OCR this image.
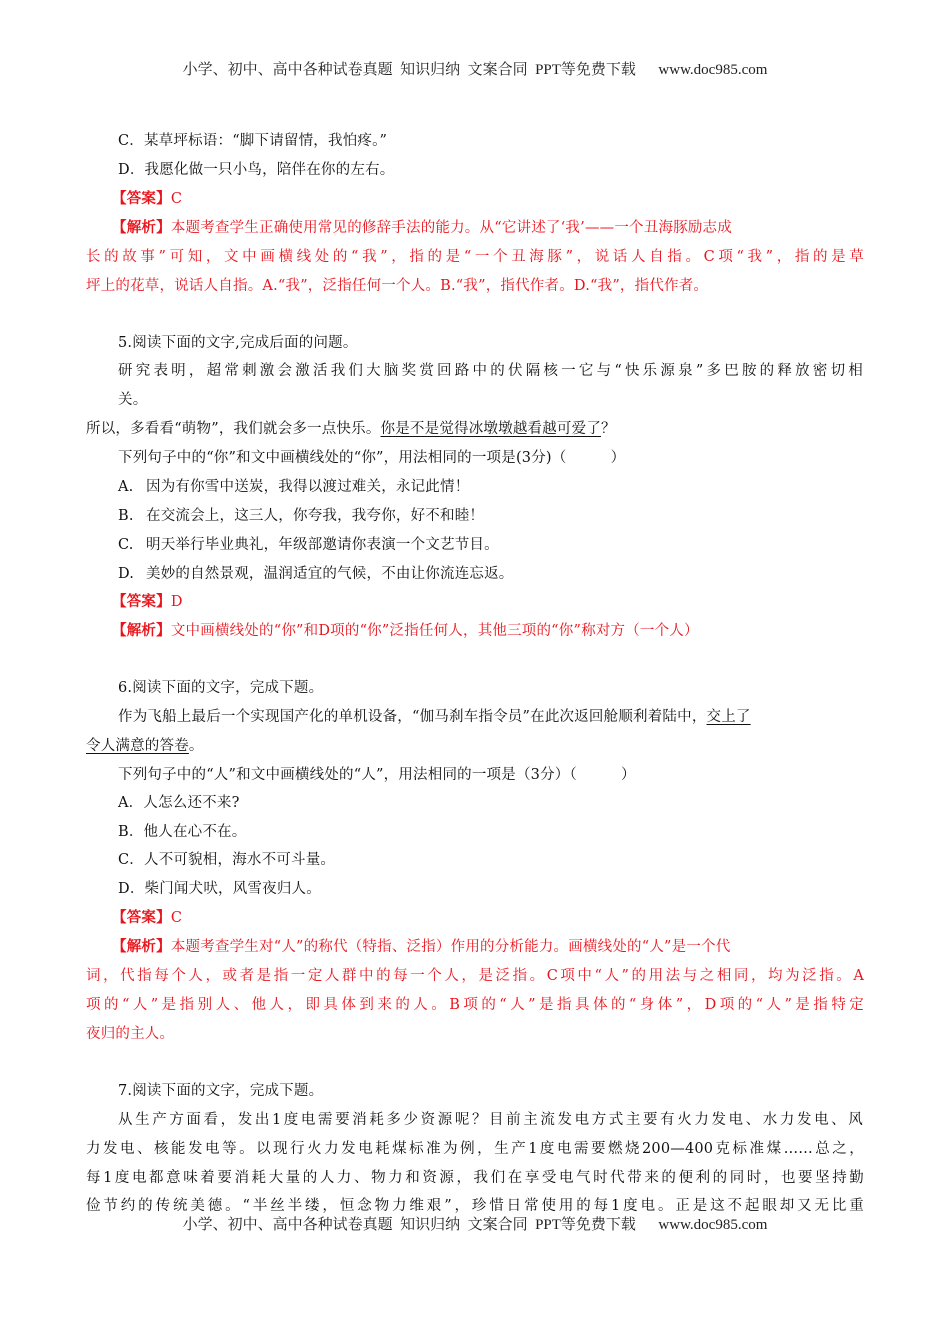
小学、初中、高中各种试卷真题  知识归纳  文案合同  PPT等免费下载      www.doc985.com
C．某草坪标语：“脚下请留情，我怕疼。”
D．我愿化做一只小鸟，陪伴在你的左右。
【答案】C
【解析】本题考查学生正确使用常见的修辞手法的能力。从“它讲述了‘我’——一个丑海豚励志成
长的故事”可知，文中画横线处的“我”，指的是“一个丑海豚”，说话人自指。C项“我”，指的是草
坪上的花草，说话人自指。A.“我”，泛指任何一个人。B.“我”，指代作者。D.“我”，指代作者。
5.阅读下面的文字,完成后面的问题。
研究表明，超常刺激会激活我们大脑奖赏回路中的伏隔核一它与“快乐源泉”多巴胺的释放密切相
关。
所以，多看看“萌物”，我们就会多一点快乐。你是不是觉得冰墩墩越看越可爱了？
下列句子中的“你”和文中画横线处的“你”，用法相同的一项是(3分)（　　　）
A. 因为有你雪中送炭，我得以渡过难关，永记此情！
B. 在交流会上，这三人，你夸我，我夸你，好不和睦！
C. 明天举行毕业典礼，年级部邀请你表演一个文艺节目。
D. 美妙的自然景观，温润适宜的气候，不由让你流连忘返。
【答案】D
【解析】文中画横线处的“你”和D项的“你”泛指任何人，其他三项的“你”称对方（一个人）
6.阅读下面的文字，完成下题。
作为飞船上最后一个实现国产化的单机设备，“伽马刹车指令员”在此次返回舱顺利着陆中，交上了
令人满意的答卷。
下列句子中的“人”和文中画横线处的“人”，用法相同的一项是（3分）（　　　）
A．人怎么还不来?
B．他人在心不在。
C．人不可貌相，海水不可斗量。
D．柴门闻犬吠，风雪夜归人。
【答案】C
【解析】本题考查学生对“人”的称代（特指、泛指）作用的分析能力。画横线处的“人”是一个代
词，代指每个人，或者是指一定人群中的每一个人，是泛指。C项中“人”的用法与之相同，均为泛指。A
项的“人”是指别人、他人，即具体到来的人。B项的“人”是指具体的“身体”，D项的“人”是指特定
夜归的主人。
7.阅读下面的文字，完成下题。
从生产方面看，发出1度电需要消耗多少资源呢？目前主流发电方式主要有火力发电、水力发电、风
力发电、核能发电等。以现行火力发电耗煤标准为例，生产1度电需要燃烧200—400克标准煤……总之，
每1度电都意味着要消耗大量的人力、物力和资源，我们在享受电气时代带来的便利的同时，也要坚持勤
俭节约的传统美德。“半丝半缕，恒念物力维艰”，珍惜日常使用的每1度电。正是这不起眼却又无比重
小学、初中、高中各种试卷真题  知识归纳  文案合同  PPT等免费下载      www.doc985.com
